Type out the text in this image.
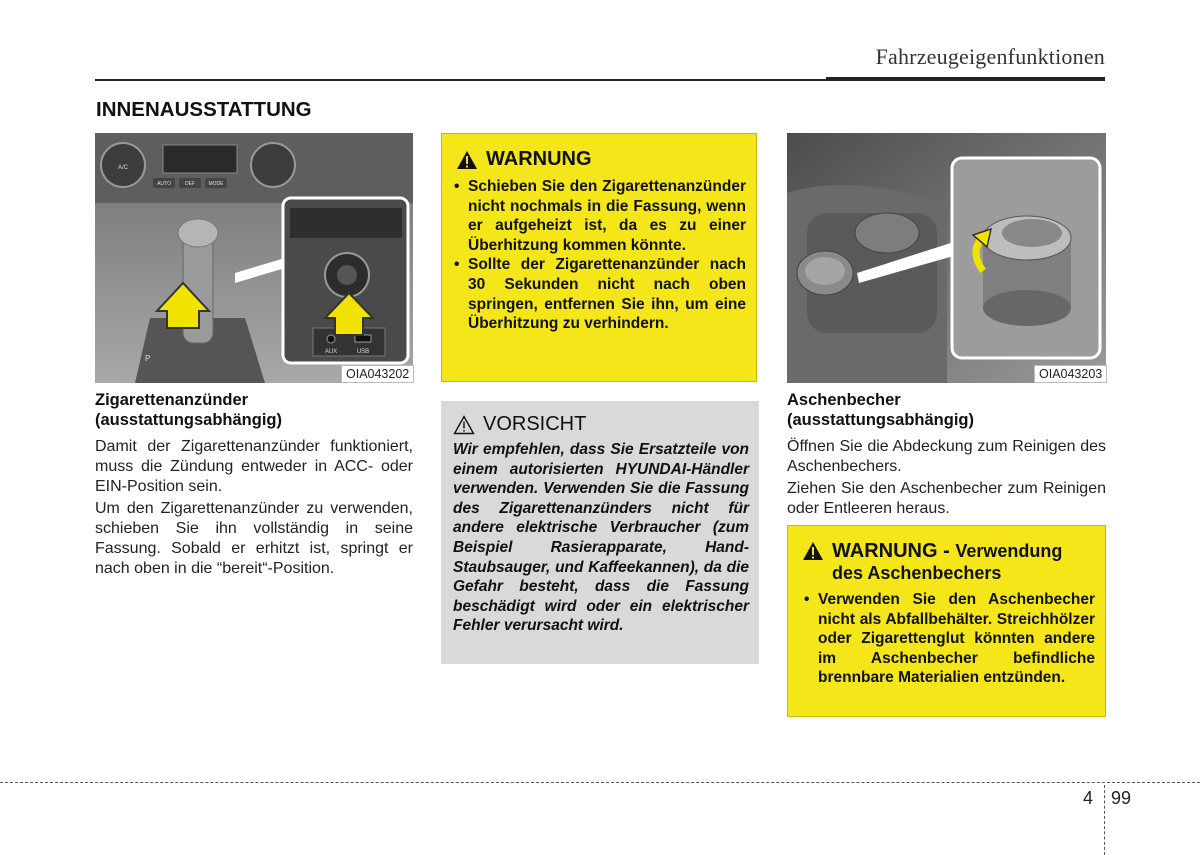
Fahrzeugeigenfunktionen
INNENAUSSTATTUNG
A/C
AUTO	DEF	MODE
P
AUX	USB
OIA043202
Zigarettenanzünder
(ausstattungsabhängig)

Damit der Zigarettenanzünder funktioniert, muss die Zündung entweder in ACC- oder EIN-Position sein.

Um den Zigarettenanzünder zu verwenden, schieben Sie ihn vollständig in seine Fassung. Sobald er erhitzt ist, springt er nach oben in die “bereit“-Position.

WARNUNG
• Schieben Sie den Zigarettenanzünder nicht nochmals in die Fassung, wenn er aufgeheizt ist, da es zu einer Überhitzung kommen könnte.
• Sollte der Zigarettenanzünder nach 30 Sekunden nicht nach oben springen, entfernen Sie ihn, um eine Überhitzung zu verhindern.
VORSICHT
Wir empfehlen, dass Sie Ersatzteile von einem autorisierten HYUNDAI-Händler verwenden. Verwenden Sie die Fassung des Zigarettenanzünders nicht für andere elektrische Verbraucher (zum Beispiel Rasierapparate, Hand-Staubsauger, und Kaffeekannen), da die Gefahr besteht, dass die Fassung beschädigt wird oder ein elektrischer Fehler verursacht wird.
OIA043203
Aschenbecher
(ausstattungsabhängig)

Öffnen Sie die Abdeckung zum Reinigen des Aschenbechers.

Ziehen Sie den Aschenbecher zum Reinigen oder Entleeren heraus.

WARNUNG - Verwendung
des Aschenbechers
• Verwenden Sie den Aschenbecher nicht als Abfallbehälter. Streichhölzer oder Zigarettenglut könnten andere im Aschenbecher befindliche brennbare Materialien entzünden.
4 99
